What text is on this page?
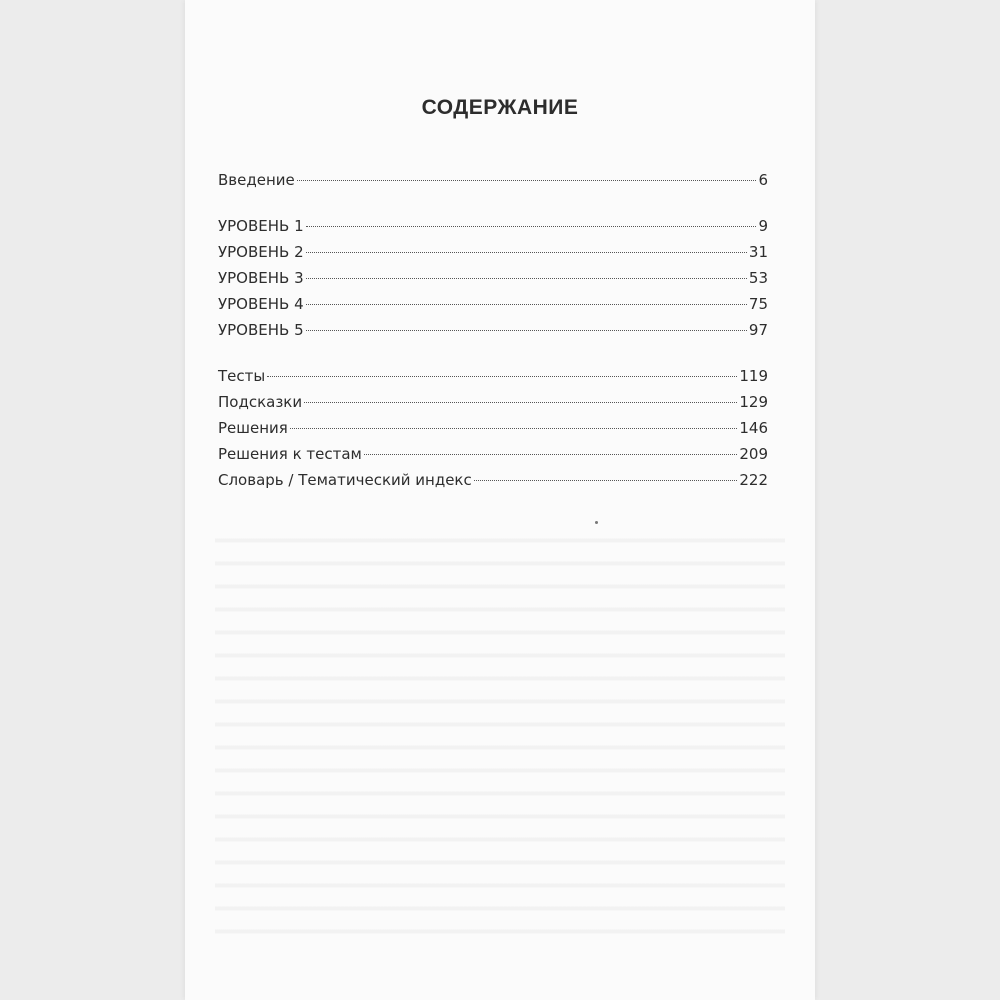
СОДЕРЖАНИЕ
Введение	6
УРОВЕНЬ 1	9
УРОВЕНЬ 2	31
УРОВЕНЬ 3	53
УРОВЕНЬ 4	75
УРОВЕНЬ 5	97
Тесты	119
Подсказки	129
Решения	146
Решения к тестам	209
Словарь / Тематический индекс	222
